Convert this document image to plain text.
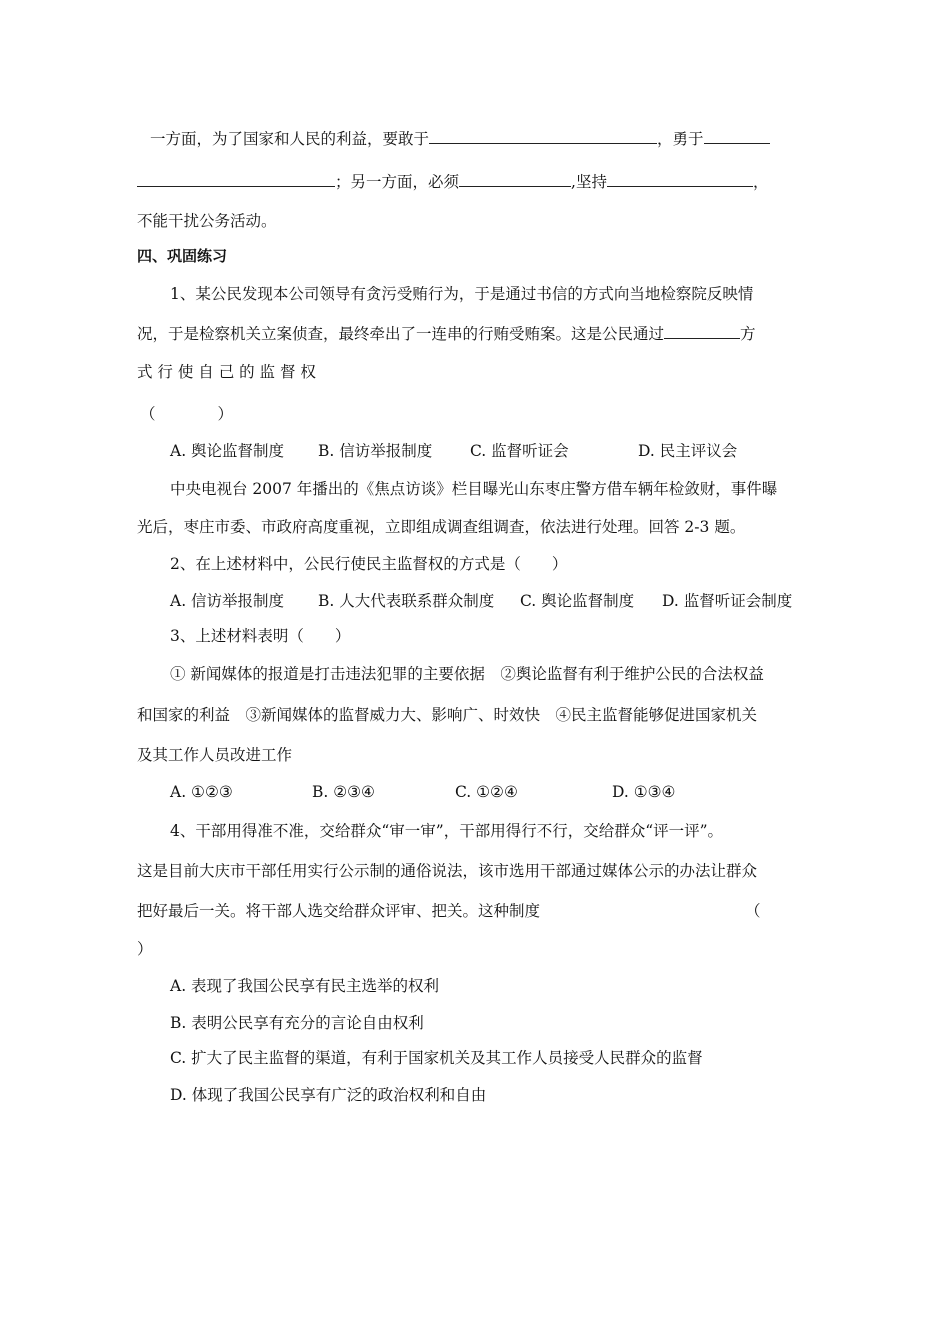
一方面，为了国家和人民的利益，要敢于	，勇于
；另一方面，必须	,坚持	，
不能干扰公务活动。
四、巩固练习
1、某公民发现本公司领导有贪污受贿行为，于是通过书信的方式向当地检察院反映情
况，于是检察机关立案侦查，最终牵出了一连串的行贿受贿案。这是公民通过	方
式 行 使 自 己 的 监 督 权
（　　　　）
A. 舆论监督制度 B. 信访举报制度 C. 监督听证会	D. 民主评议会
中央电视台 2007 年播出的《焦点访谈》栏目曝光山东枣庄警方借车辆年检敛财，事件曝
光后，枣庄市委、市政府高度重视，立即组成调查组调查，依法进行处理。回答 2-3 题。
2、在上述材料中，公民行使民主监督权的方式是（　　）
A. 信访举报制度 B. 人大代表联系群众制度 C. 舆论监督制度 D. 监督听证会制度
3、上述材料表明（　　）
① 新闻媒体的报道是打击违法犯罪的主要依据　②舆论监督有利于维护公民的合法权益
和国家的利益　③新闻媒体的监督威力大、影响广、时效快　④民主监督能够促进国家机关
及其工作人员改进工作
A. ①②③	B. ②③④	C. ①②④	D. ①③④
4、干部用得准不准，交给群众“审一审”，干部用得行不行，交给群众“评一评”。
这是目前大庆市干部任用实行公示制的通俗说法，该市选用干部通过媒体公示的办法让群众
把好最后一关。将干部人选交给群众评审、把关。这种制度	（
）
A. 表现了我国公民享有民主选举的权利
B. 表明公民享有充分的言论自由权利
C. 扩大了民主监督的渠道，有利于国家机关及其工作人员接受人民群众的监督
D. 体现了我国公民享有广泛的政治权利和自由
